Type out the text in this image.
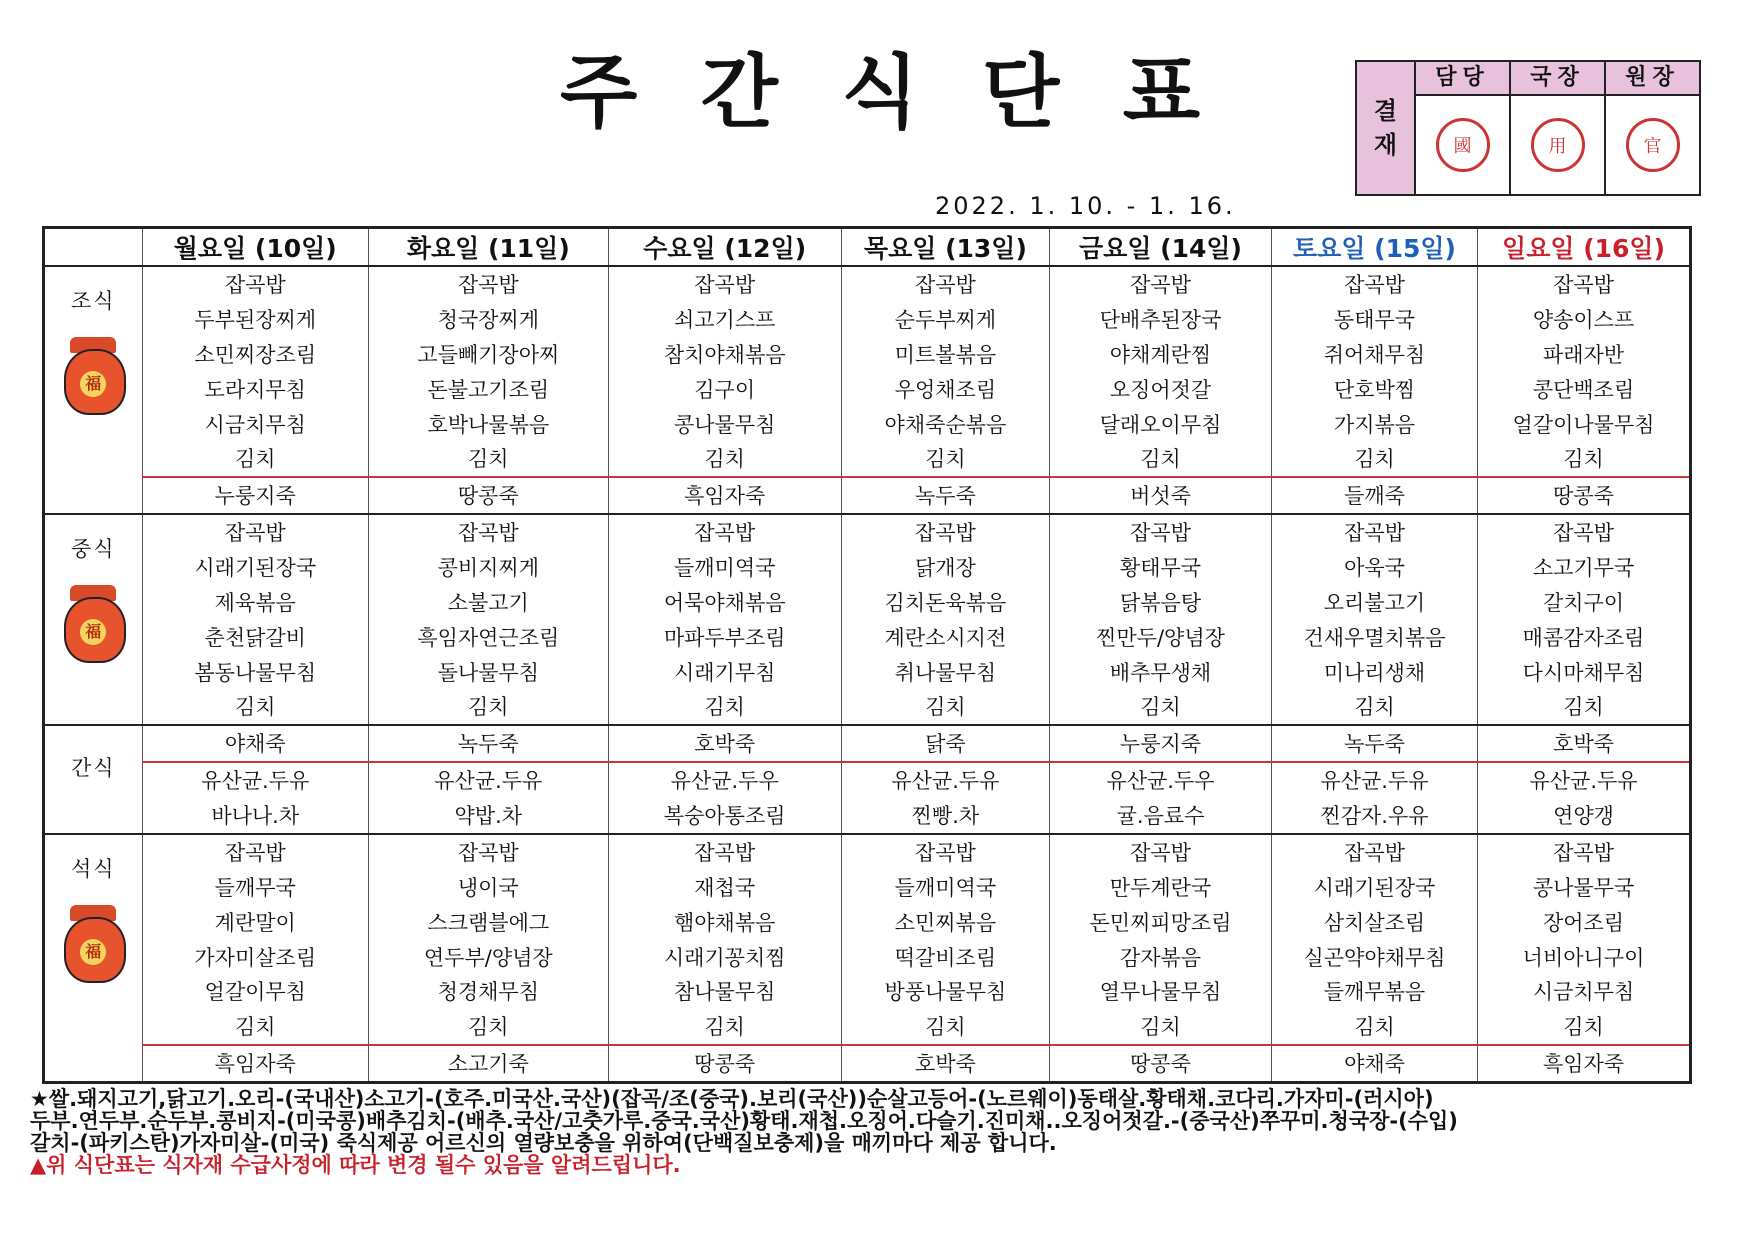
주 간 식 단 표	결
재
담당
國
국장
用
원장
官
2022. 1. 10. - 1. 16.
	월요일 (10일)	화요일 (11일)	수요일 (12일)	목요일 (13일)	금요일 (14일)	토요일 (15일)	일요일 (16일)

조식
福	잡곡밥	잡곡밥	잡곡밥	잡곡밥	잡곡밥	잡곡밥	잡곡밥
	두부된장찌게	청국장찌게	쇠고기스프	순두부찌게	단배추된장국	동태무국	양송이스프
	소민찌장조림	고들빼기장아찌	참치야채볶음	미트볼볶음	야채계란찜	쥐어채무침	파래자반
	도라지무침	돈불고기조림	김구이	우엉채조림	오징어젓갈	단호박찜	콩단백조림
	시금치무침	호박나물볶음	콩나물무침	야채죽순볶음	달래오이무침	가지볶음	얼갈이나물무침
	김치	김치	김치	김치	김치	김치	김치
	누룽지죽	땅콩죽	흑임자죽	녹두죽	버섯죽	들깨죽	땅콩죽

중식
福	잡곡밥	잡곡밥	잡곡밥	잡곡밥	잡곡밥	잡곡밥	잡곡밥
	시래기된장국	콩비지찌게	들깨미역국	닭개장	황태무국	아욱국	소고기무국
	제육볶음	소불고기	어묵야채볶음	김치돈육볶음	닭볶음탕	오리불고기	갈치구이
	춘천닭갈비	흑임자연근조림	마파두부조림	계란소시지전	찐만두/양념장	건새우멸치볶음	매콤감자조림
	봄동나물무침	돌나물무침	시래기무침	취나물무침	배추무생채	미나리생채	다시마채무침
	김치	김치	김치	김치	김치	김치	김치

간식	야채죽	녹두죽	호박죽	닭죽	누룽지죽	녹두죽	호박죽
	유산균.두유	유산균.두유	유산균.두우	유산균.두유	유산균.두우	유산균.두유	유산균.두유
	바나나.차	약밥.차	복숭아통조림	찐빵.차	귤.음료수	찐감자.우유	연양갱

석식
福	잡곡밥	잡곡밥	잡곡밥	잡곡밥	잡곡밥	잡곡밥	잡곡밥
	들깨무국	냉이국	재첩국	들깨미역국	만두계란국	시래기된장국	콩나물무국
	계란말이	스크램블에그	햄야채볶음	소민찌볶음	돈민찌피망조림	삼치살조림	장어조림
	가자미살조림	연두부/양념장	시래기꽁치찜	떡갈비조림	감자볶음	실곤약야채무침	너비아니구이
	얼갈이무침	청경채무침	참나물무침	방풍나물무침	열무나물무침	들깨무볶음	시금치무침
	김치	김치	김치	김치	김치	김치	김치
	흑임자죽	소고기죽	땅콩죽	호박죽	땅콩죽	야채죽	흑임자죽
★쌀.돼지고기,닭고기.오리-(국내산)소고기-(호주.미국산.국산)(잡곡/조(중국).보리(국산))순살고등어-(노르웨이)동태살.황태채.코다리.가자미-(러시아)
두부.연두부.순두부.콩비지-(미국콩)배추김치-(배추.국산/고춧가루.중국.국산)황태.재첩.오징어.다슬기.진미채..오징어젓갈.-(중국산)쭈꾸미.청국장-(수입)
갈치-(파키스탄)가자미살-(미국) 죽식제공 어르신의 열량보충을 위하여(단백질보충제)을 매끼마다 제공 합니다.
▲위 식단표는 식자재 수급사정에 따라 변경 될수 있음을 알려드립니다.
